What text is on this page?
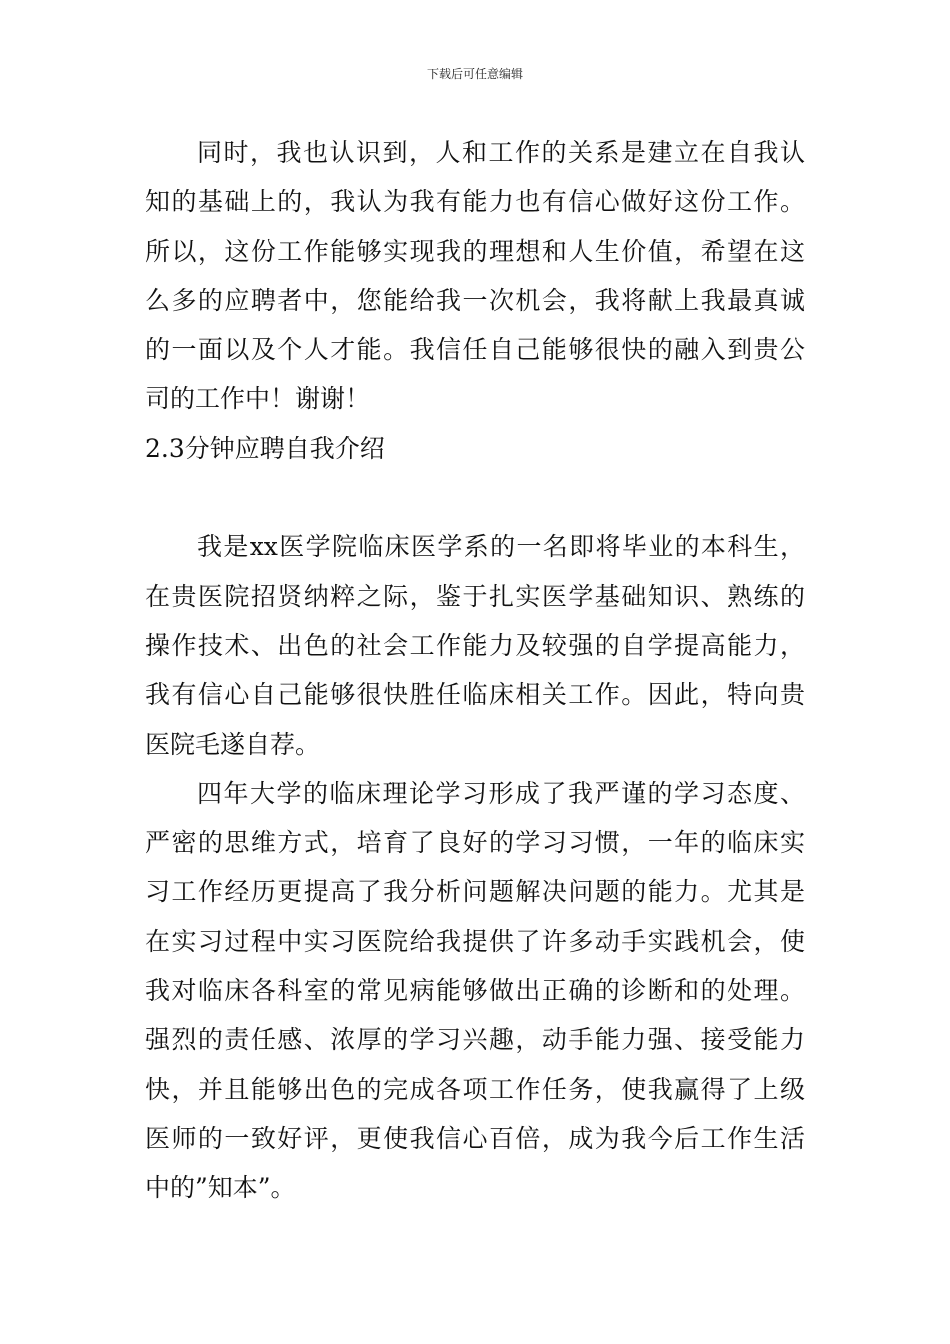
下载后可任意编辑
同时，我也认识到，人和工作的关系是建立在自我认
知的基础上的，我认为我有能力也有信心做好这份工作。
所以，这份工作能够实现我的理想和人生价值，希望在这
么多的应聘者中，您能给我一次机会，我将献上我最真诚
的一面以及个人才能。我信任自己能够很快的融入到贵公
司的工作中！谢谢！
2.3分钟应聘自我介绍
我是xx医学院临床医学系的一名即将毕业的本科生，
在贵医院招贤纳粹之际，鉴于扎实医学基础知识、熟练的
操作技术、出色的社会工作能力及较强的自学提高能力，
我有信心自己能够很快胜任临床相关工作。因此，特向贵
医院毛遂自荐。
四年大学的临床理论学习形成了我严谨的学习态度、
严密的思维方式，培育了良好的学习习惯，一年的临床实
习工作经历更提高了我分析问题解决问题的能力。尤其是
在实习过程中实习医院给我提供了许多动手实践机会，使
我对临床各科室的常见病能够做出正确的诊断和的处理。
强烈的责任感、浓厚的学习兴趣，动手能力强、接受能力
快，并且能够出色的完成各项工作任务，使我赢得了上级
医师的一致好评，更使我信心百倍，成为我今后工作生活
中的”知本”。
